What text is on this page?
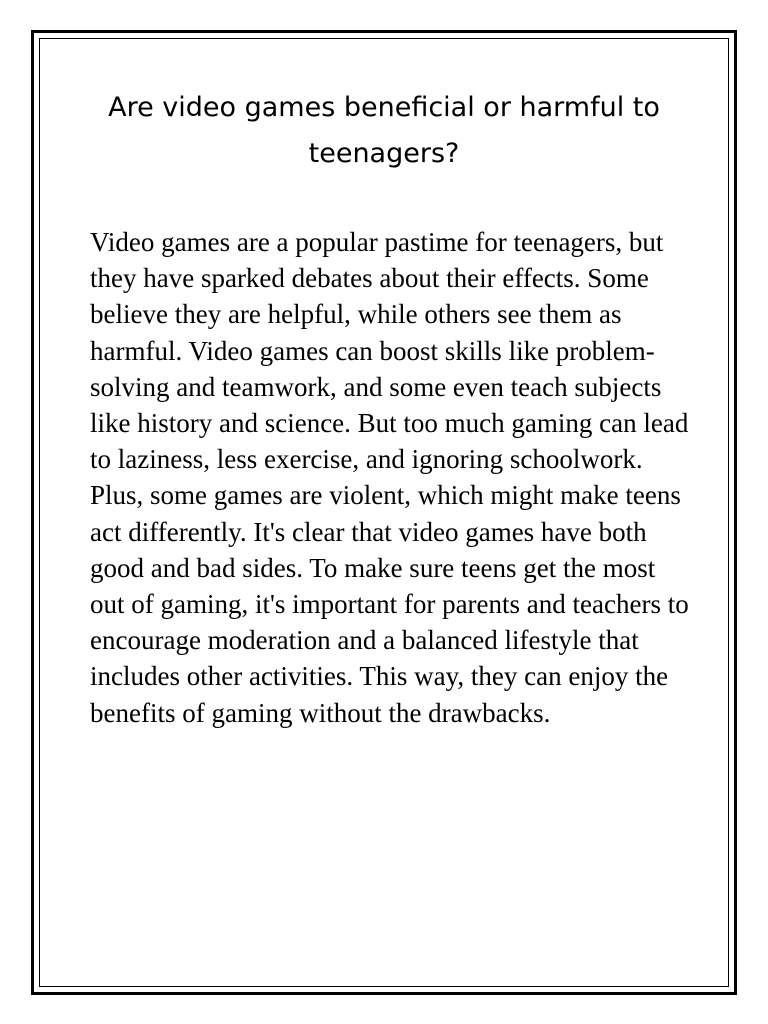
Are video games beneficial or harmful to teenagers?

Video games are a popular pastime for teenagers, but they have sparked debates about their effects. Some believe they are helpful, while others see them as harmful. Video games can boost skills like problem-solving and teamwork, and some even teach subjects like history and science. But too much gaming can lead to laziness, less exercise, and ignoring schoolwork. Plus, some games are violent, which might make teens act differently. It's clear that video games have both good and bad sides. To make sure teens get the most out of gaming, it's important for parents and teachers to encourage moderation and a balanced lifestyle that includes other activities. This way, they can enjoy the benefits of gaming without the drawbacks.
